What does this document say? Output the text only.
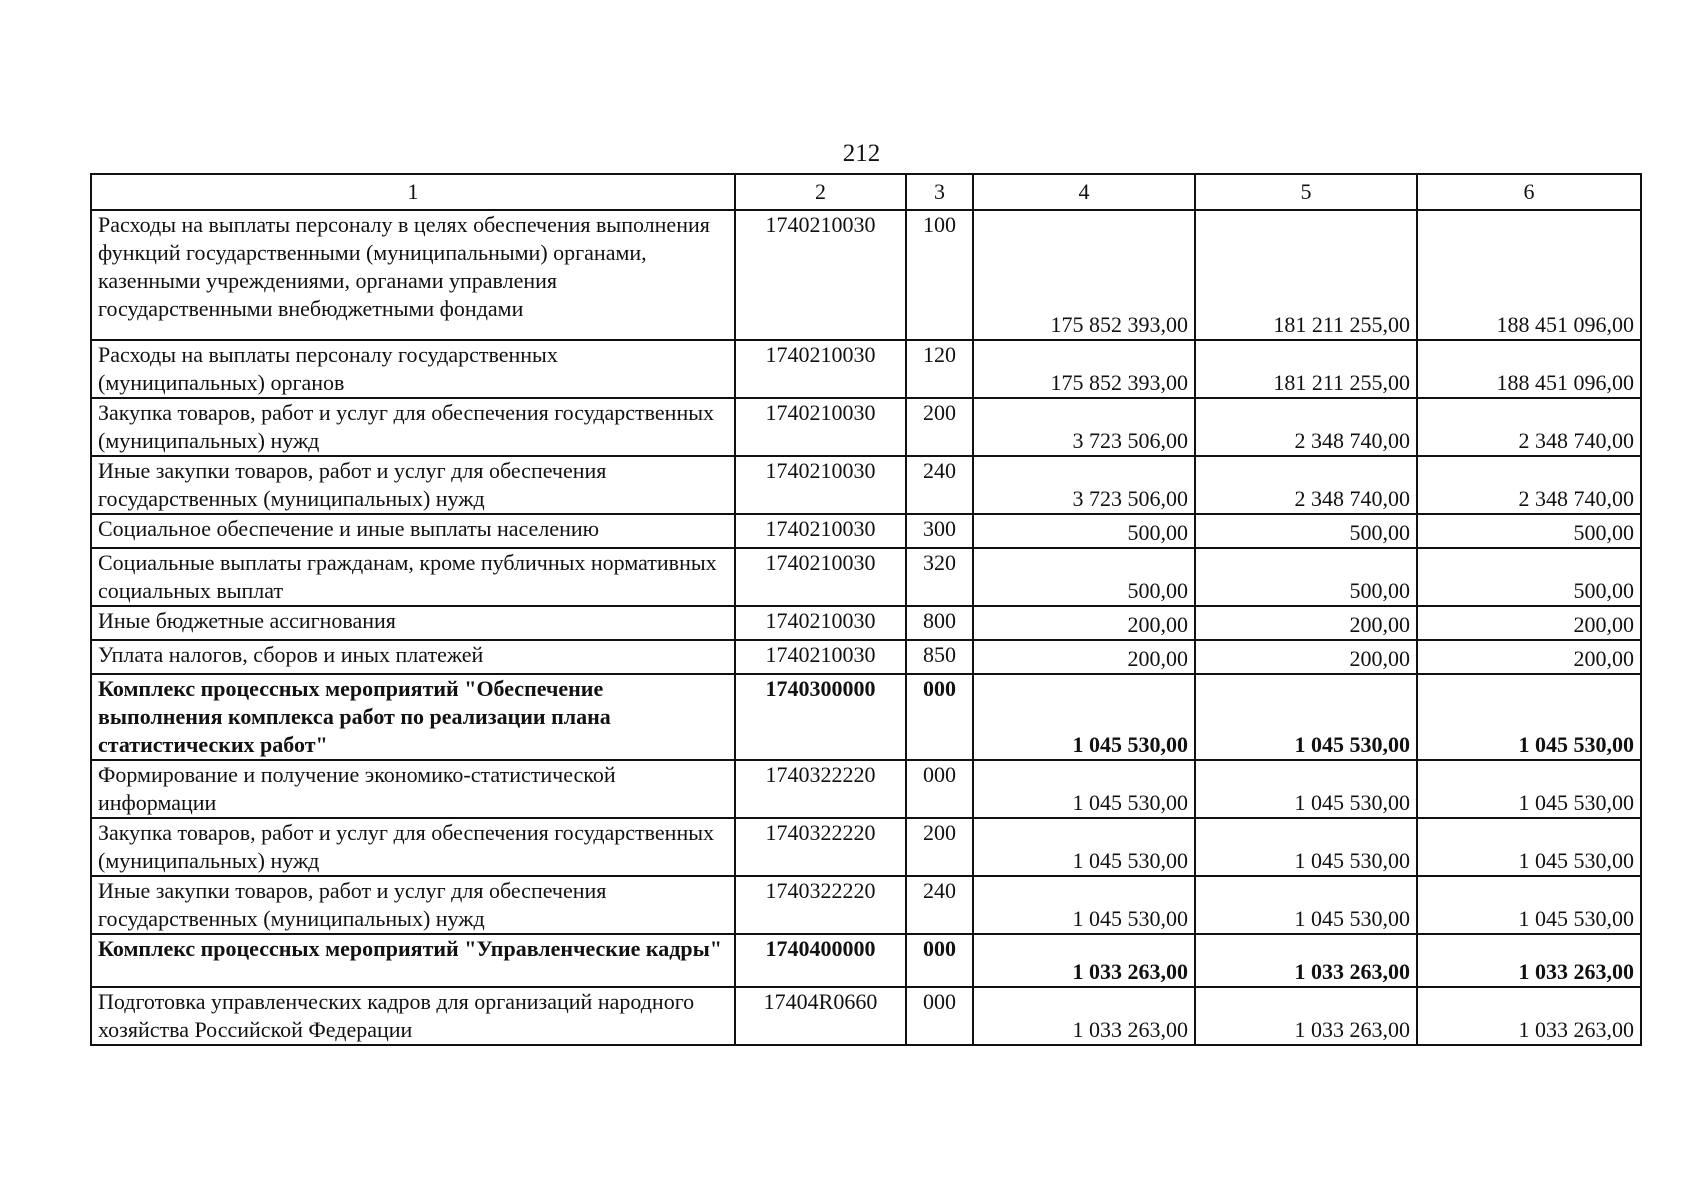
212
1	2	3	4	5	6
Расходы на выплаты персоналу в целях обеспечения выполнения функций государственными (муниципальными) органами, казенными учреждениями, органами управления государственными внебюджетными фондами	1740210030	100	175 852 393,00	181 211 255,00	188 451 096,00
Расходы на выплаты персоналу государственных (муниципальных) органов	1740210030	120	175 852 393,00	181 211 255,00	188 451 096,00
Закупка товаров, работ и услуг для обеспечения государственных (муниципальных) нужд	1740210030	200	3 723 506,00	2 348 740,00	2 348 740,00
Иные закупки товаров, работ и услуг для обеспечения государственных (муниципальных) нужд	1740210030	240	3 723 506,00	2 348 740,00	2 348 740,00
Социальное обеспечение и иные выплаты населению	1740210030	300	500,00	500,00	500,00
Социальные выплаты гражданам, кроме публичных нормативных социальных выплат	1740210030	320	500,00	500,00	500,00
Иные бюджетные ассигнования	1740210030	800	200,00	200,00	200,00
Уплата налогов, сборов и иных платежей	1740210030	850	200,00	200,00	200,00
Комплекс процессных мероприятий "Обеспечение выполнения комплекса работ по реализации плана статистических работ"	1740300000	000	1 045 530,00	1 045 530,00	1 045 530,00
Формирование и получение экономико-статистической информации	1740322220	000	1 045 530,00	1 045 530,00	1 045 530,00
Закупка товаров, работ и услуг для обеспечения государственных (муниципальных) нужд	1740322220	200	1 045 530,00	1 045 530,00	1 045 530,00
Иные закупки товаров, работ и услуг для обеспечения государственных (муниципальных) нужд	1740322220	240	1 045 530,00	1 045 530,00	1 045 530,00
Комплекс процессных мероприятий "Управленческие кадры"	1740400000	000	1 033 263,00	1 033 263,00	1 033 263,00
Подготовка управленческих кадров для организаций народного хозяйства Российской Федерации	17404R0660	000	1 033 263,00	1 033 263,00	1 033 263,00
